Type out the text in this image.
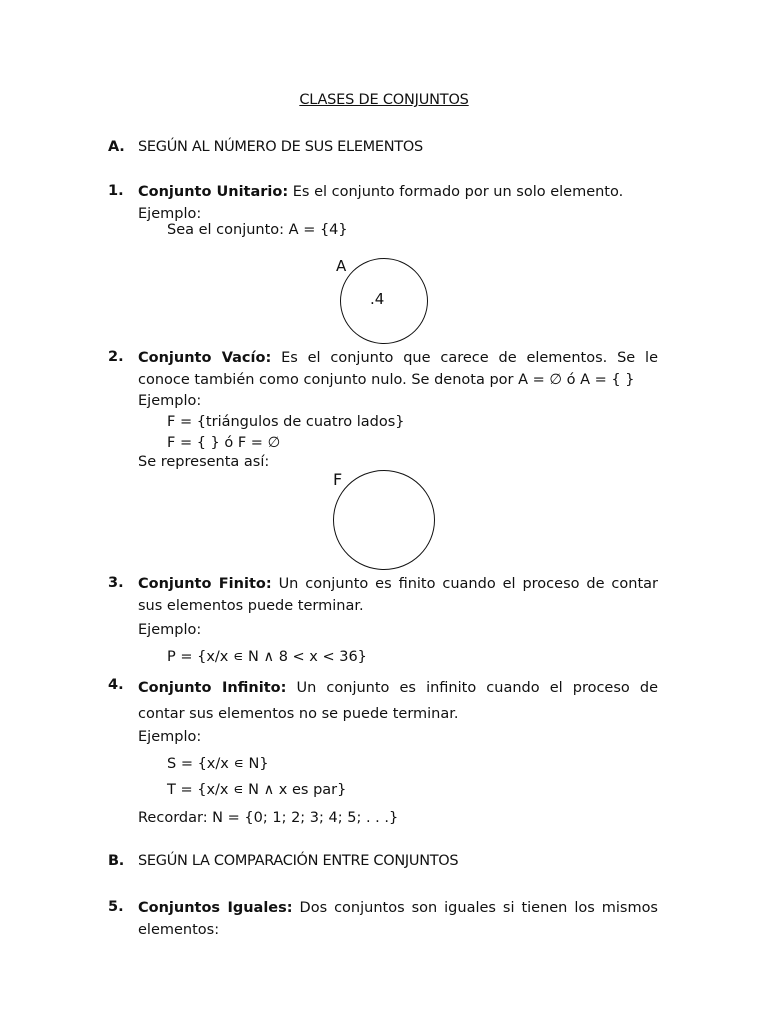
CLASES DE CONJUNTOS
A. SEGÚN AL NÚMERO DE SUS ELEMENTOS
1. Conjunto Unitario: Es el conjunto formado por un solo elemento.
Ejemplo:
Sea el conjunto: A = {4}
A
.4
2. Conjunto Vacío: Es el conjunto que carece de elementos. Se le conoce también como conjunto nulo. Se denota por A = ∅ ó A = { }
Ejemplo:
F = {triángulos de cuatro lados}
F = { } ó F = ∅
Se representa así:
F
3. Conjunto Finito: Un conjunto es finito cuando el proceso de contar sus elementos puede terminar.
Ejemplo:
P = {x/x ∊ N ∧ 8 < x < 36}
4. Conjunto Infinito: Un conjunto es infinito cuando el proceso de contar sus elementos no se puede terminar.
Ejemplo:
S = {x/x ∊ N}
T = {x/x ∊ N ∧ x es par}
Recordar: N = {0; 1; 2; 3; 4; 5; . . .}
B. SEGÚN LA COMPARACIÓN ENTRE CONJUNTOS
5. Conjuntos Iguales: Dos conjuntos son iguales si tienen los mismos elementos:
